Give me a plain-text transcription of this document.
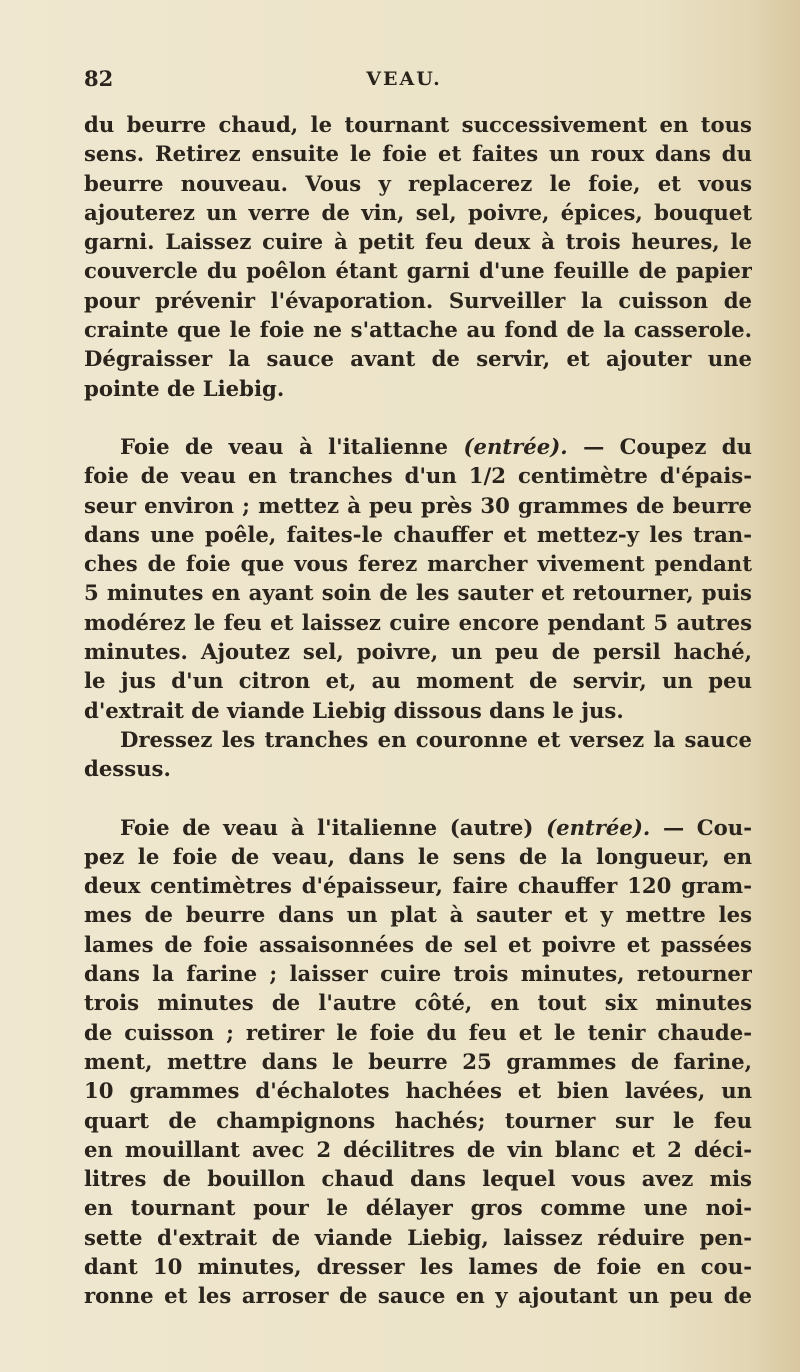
82	VEAU.
du beurre chaud, le tournant successivement en tous
sens. Retirez ensuite le foie et faites un roux dans du
beurre nouveau. Vous y replacerez le foie, et vous
ajouterez un verre de vin, sel, poivre, épices, bouquet
garni. Laissez cuire à petit feu deux à trois heures, le
couvercle du poêlon étant garni d'une feuille de papier
pour prévenir l'évaporation. Surveiller la cuisson de
crainte que le foie ne s'attache au fond de la casserole.
Dégraisser la sauce avant de servir, et ajouter une
pointe de Liebig.
Foie de veau à l'italienne (entrée). — Coupez du
foie de veau en tranches d'un 1/2 centimètre d'épais-
seur environ ; mettez à peu près 30 grammes de beurre
dans une poêle, faites-le chauffer et mettez-y les tran-
ches de foie que vous ferez marcher vivement pendant
5 minutes en ayant soin de les sauter et retourner, puis
modérez le feu et laissez cuire encore pendant 5 autres
minutes. Ajoutez sel, poivre, un peu de persil haché,
le jus d'un citron et, au moment de servir, un peu
d'extrait de viande Liebig dissous dans le jus.
Dressez les tranches en couronne et versez la sauce
dessus.
Foie de veau à l'italienne (autre) (entrée). — Cou-
pez le foie de veau, dans le sens de la longueur, en
deux centimètres d'épaisseur, faire chauffer 120 gram-
mes de beurre dans un plat à sauter et y mettre les
lames de foie assaisonnées de sel et poivre et passées
dans la farine ; laisser cuire trois minutes, retourner
trois minutes de l'autre côté, en tout six minutes
de cuisson ; retirer le foie du feu et le tenir chaude-
ment, mettre dans le beurre 25 grammes de farine,
10 grammes d'échalotes hachées et bien lavées, un
quart de champignons hachés; tourner sur le feu
en mouillant avec 2 décilitres de vin blanc et 2 déci-
litres de bouillon chaud dans lequel vous avez mis
en tournant pour le délayer gros comme une noi-
sette d'extrait de viande Liebig, laissez réduire pen-
dant 10 minutes, dresser les lames de foie en cou-
ronne et les arroser de sauce en y ajoutant un peu de
